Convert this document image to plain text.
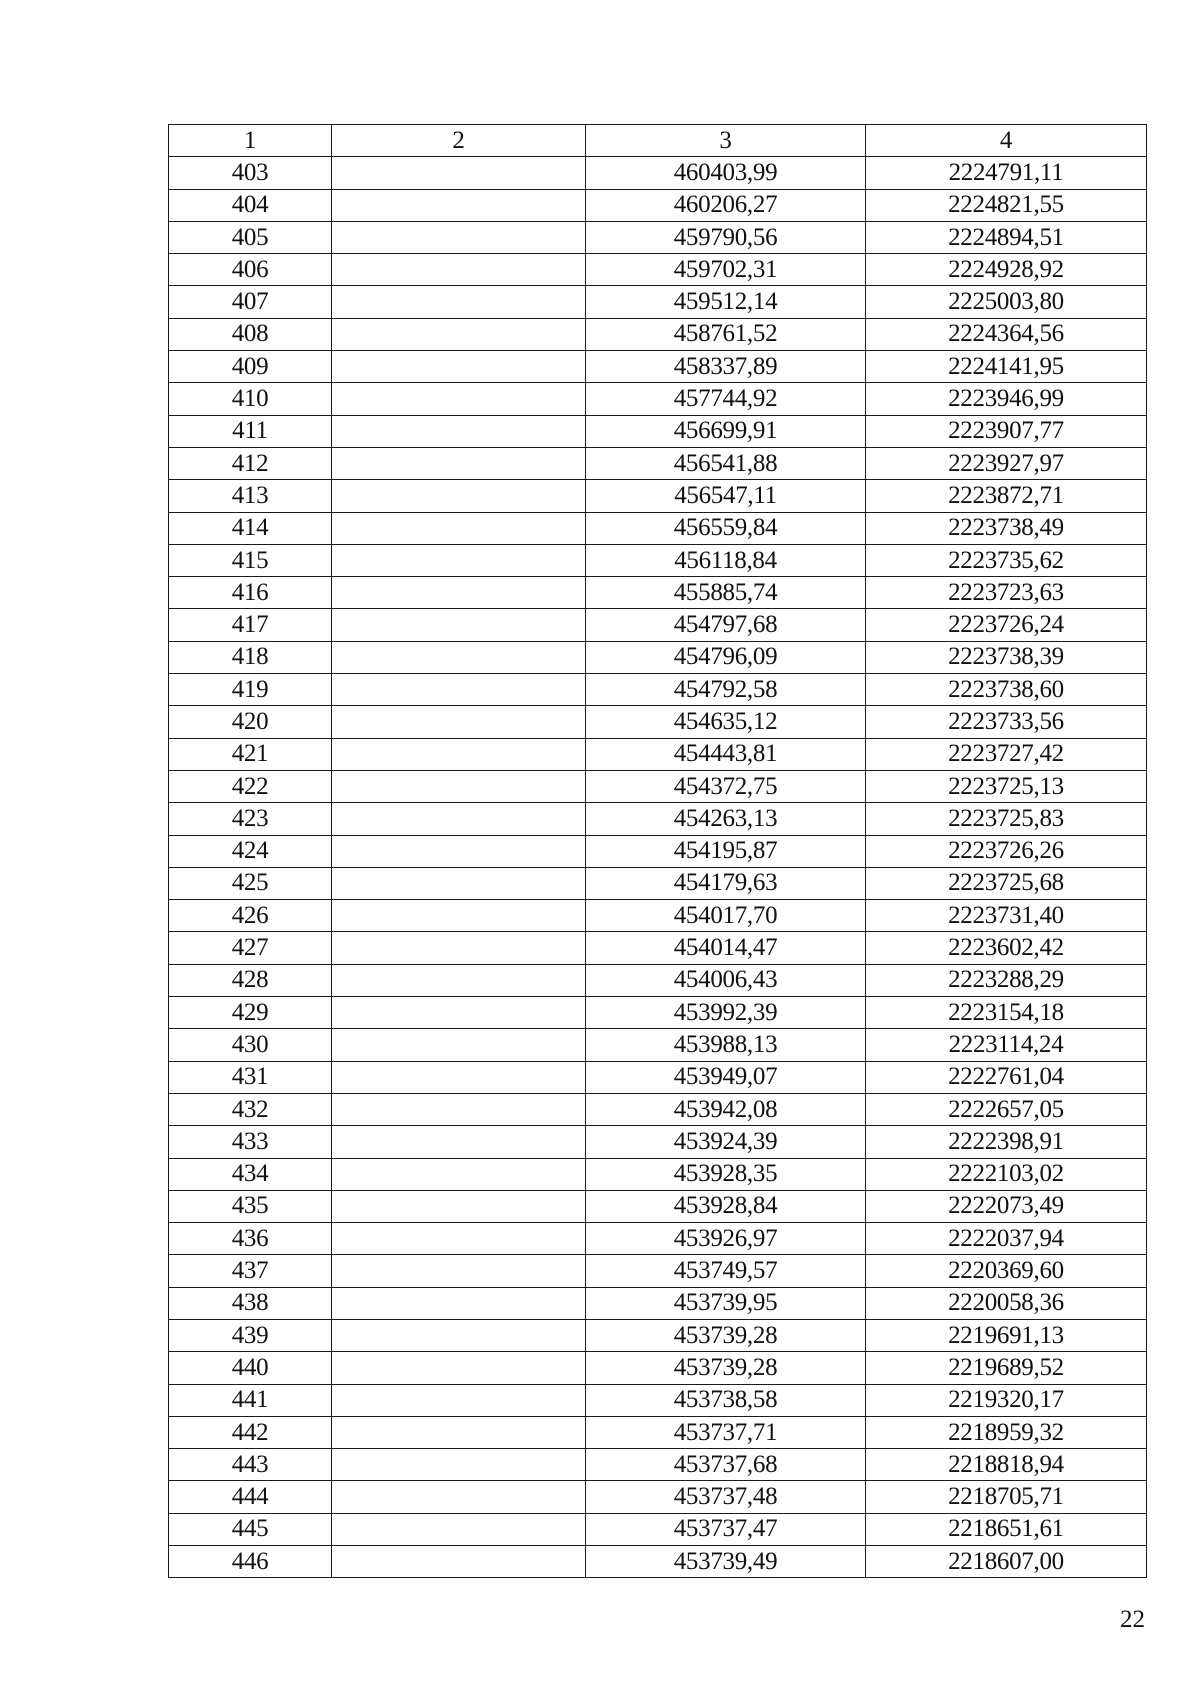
1	2	3	4
403		460403,99	2224791,11
404		460206,27	2224821,55
405		459790,56	2224894,51
406		459702,31	2224928,92
407		459512,14	2225003,80
408		458761,52	2224364,56
409		458337,89	2224141,95
410		457744,92	2223946,99
411		456699,91	2223907,77
412		456541,88	2223927,97
413		456547,11	2223872,71
414		456559,84	2223738,49
415		456118,84	2223735,62
416		455885,74	2223723,63
417		454797,68	2223726,24
418		454796,09	2223738,39
419		454792,58	2223738,60
420		454635,12	2223733,56
421		454443,81	2223727,42
422		454372,75	2223725,13
423		454263,13	2223725,83
424		454195,87	2223726,26
425		454179,63	2223725,68
426		454017,70	2223731,40
427		454014,47	2223602,42
428		454006,43	2223288,29
429		453992,39	2223154,18
430		453988,13	2223114,24
431		453949,07	2222761,04
432		453942,08	2222657,05
433		453924,39	2222398,91
434		453928,35	2222103,02
435		453928,84	2222073,49
436		453926,97	2222037,94
437		453749,57	2220369,60
438		453739,95	2220058,36
439		453739,28	2219691,13
440		453739,28	2219689,52
441		453738,58	2219320,17
442		453737,71	2218959,32
443		453737,68	2218818,94
444		453737,48	2218705,71
445		453737,47	2218651,61
446		453739,49	2218607,00
22
